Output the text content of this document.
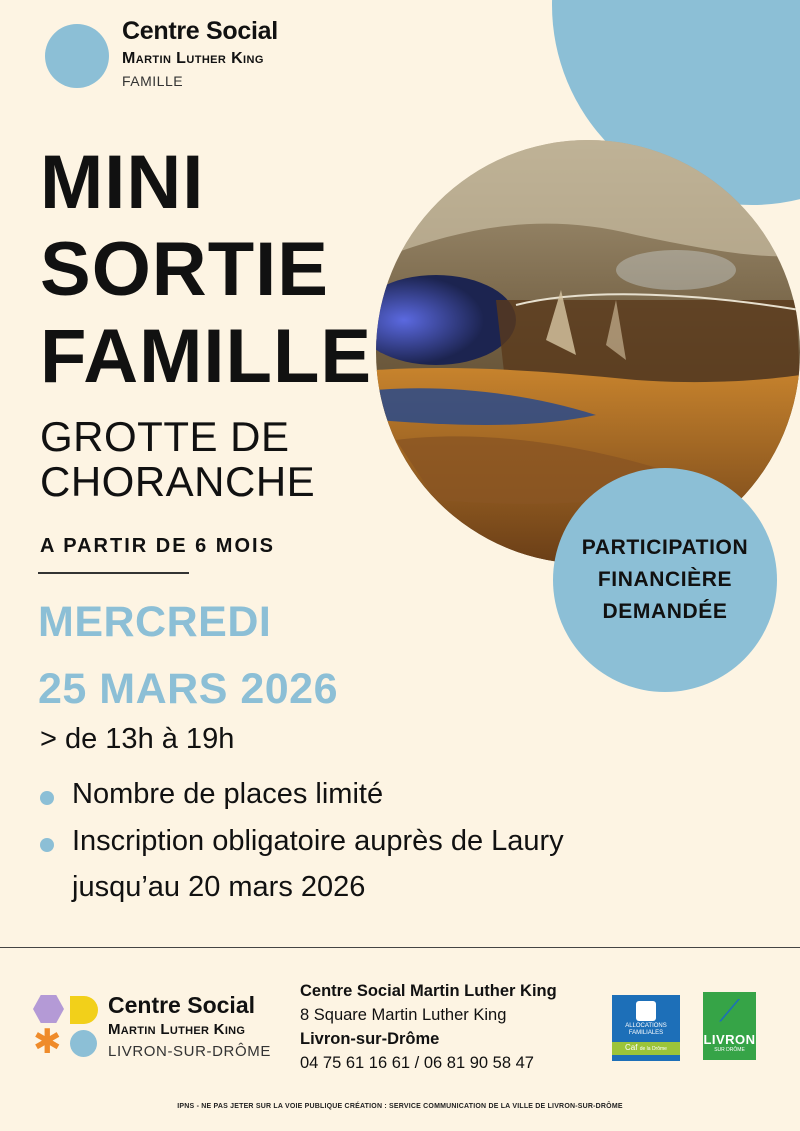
Centre Social
Martin Luther King
FAMILLE
MINI
SORTIE
FAMILLE
GROTTE DE
CHORANCHE
A PARTIR DE 6 MOIS	PARTICIPATION
FINANCIÈRE
DEMANDÉE
MERCREDI
25 MARS 2026
> de 13h à 19h
Nombre de places limité
Inscription obligatoire auprès de Laury
jusqu’au 20 mars 2026
✱
Centre Social
Martin Luther King
LIVRON-SUR-DRÔME
Centre Social Martin Luther King
8 Square Martin Luther King
Livron-sur-Drôme
04 75 61 16 61 / 06 81 90 58 47
ALLOCATIONS
FAMILIALES
Caf de la Drôme
⟋
LIVRON
SUR DRÔME
IPNS - NE PAS JETER SUR LA VOIE PUBLIQUE CRÉATION : SERVICE COMMUNICATION DE LA VILLE DE LIVRON-SUR-DRÔME
